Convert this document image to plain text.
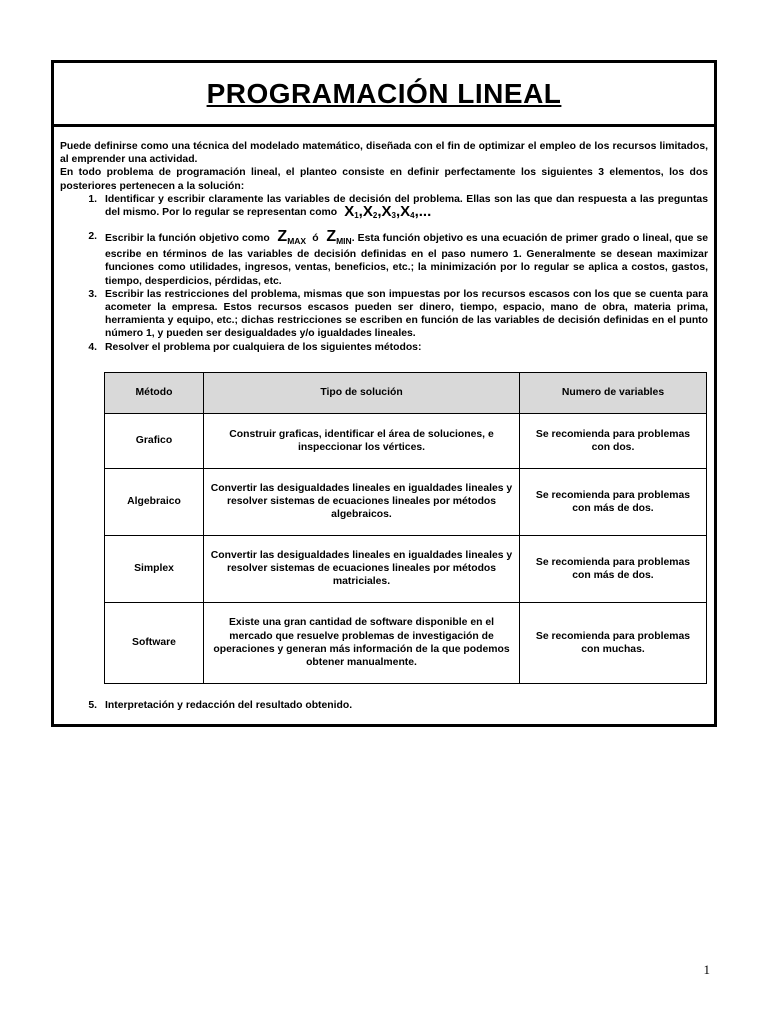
PROGRAMACIÓN LINEAL

Puede definirse como una técnica del modelado matemático, diseñada con el fin de optimizar el empleo de los recursos limitados, al emprender una actividad.

En todo problema de programación lineal, el planteo consiste en definir perfectamente los siguientes 3 elementos, los dos posteriores pertenecen a la solución:

1. Identificar y escribir claramente las variables de decisión del problema. Ellas son las que dan respuesta a las preguntas del mismo. Por lo regular se representan como $X_1,X_2,X_3,X_4$,...
2. Escribir la función objetivo como $Z_{MAX}$ ó $Z_{MIN}$. Esta función objetivo es una ecuación de primer grado o lineal, que se escribe en términos de las variables de decisión definidas en el paso numero 1. Generalmente se desean maximizar funciones como utilidades, ingresos, ventas, beneficios, etc.; la minimización por lo regular se aplica a costos, gastos, tiempo, desperdicios, pérdidas, etc.
3. Escribir las restricciones del problema, mismas que son impuestas por los recursos escasos con los que se cuenta para acometer la empresa. Estos recursos escasos pueden ser dinero, tiempo, espacio, mano de obra, materia prima, herramienta y equipo, etc.; dichas restricciones se escriben en función de las variables de decisión definidas en el punto número 1, y pueden ser desigualdades y/o igualdades lineales.
4. Resolver el problema por cualquiera de los siguientes métodos:
Método	Tipo de solución	Numero de variables
Grafico	Construir graficas, identificar el área de soluciones, e inspeccionar los vértices.	Se recomienda para problemas con dos.
Algebraico	Convertir las desigualdades lineales en igualdades lineales y resolver sistemas de ecuaciones lineales por métodos algebraicos.	Se recomienda para problemas con más de dos.
Simplex	Convertir las desigualdades lineales en igualdades lineales y resolver sistemas de ecuaciones lineales por métodos matriciales.	Se recomienda para problemas con más de dos.
Software	Existe una gran cantidad de software disponible en el mercado que resuelve problemas de investigación de operaciones y generan más información de la que podemos obtener manualmente.	Se recomienda para problemas con muchas.
5. Interpretación y redacción del resultado obtenido.
1
